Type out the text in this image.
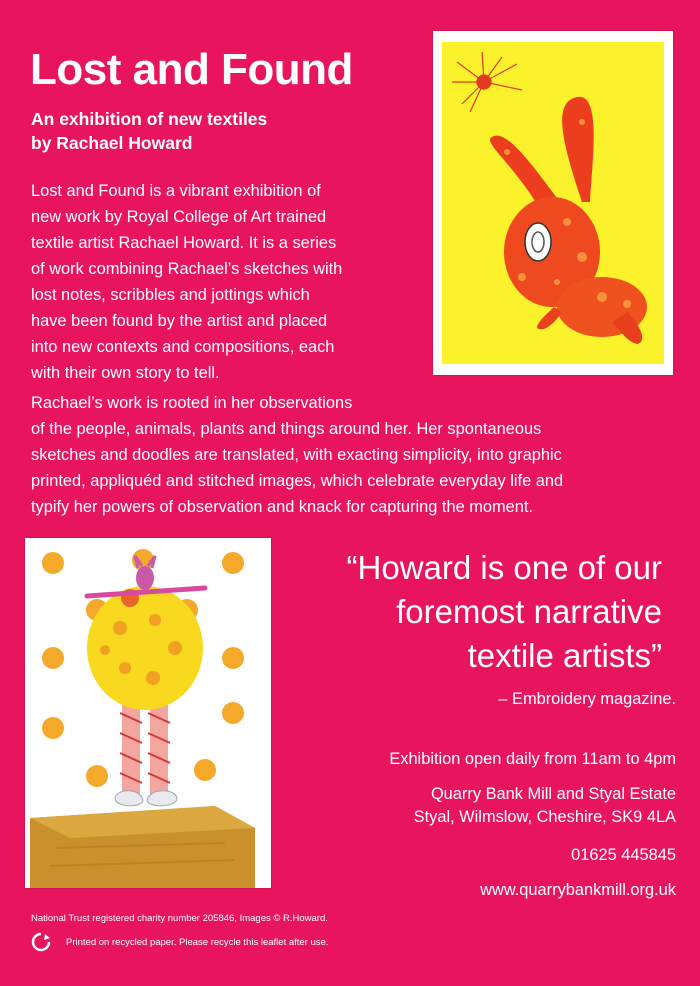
Lost and Found

An exhibition of new textiles
by Rachael Howard

Lost and Found is a vibrant exhibition of
new work by Royal College of Art trained
textile artist Rachael Howard. It is a series
of work combining Rachael’s sketches with
lost notes, scribbles and jottings which
have been found by the artist and placed
into new contexts and compositions, each
with their own story to tell.

Rachael’s work is rooted in her observations
of the people, animals, plants and things around her. Her spontaneous
sketches and doodles are translated, with exacting simplicity, into graphic
printed, appliquéd and stitched images, which celebrate everyday life and
typify her powers of observation and knack for capturing the moment.

“Howard is one of our
foremost narrative
textile artists”

– Embroidery magazine.

Exhibition open daily from 11am to 4pm

Quarry Bank Mill and Styal Estate

Styal, Wilmslow, Cheshire, SK9 4LA

01625 445845

www.quarrybankmill.org.uk

National Trust registered charity number 205846, Images © R.Howard.

Printed on recycled paper. Please recycle this leaflet after use.
